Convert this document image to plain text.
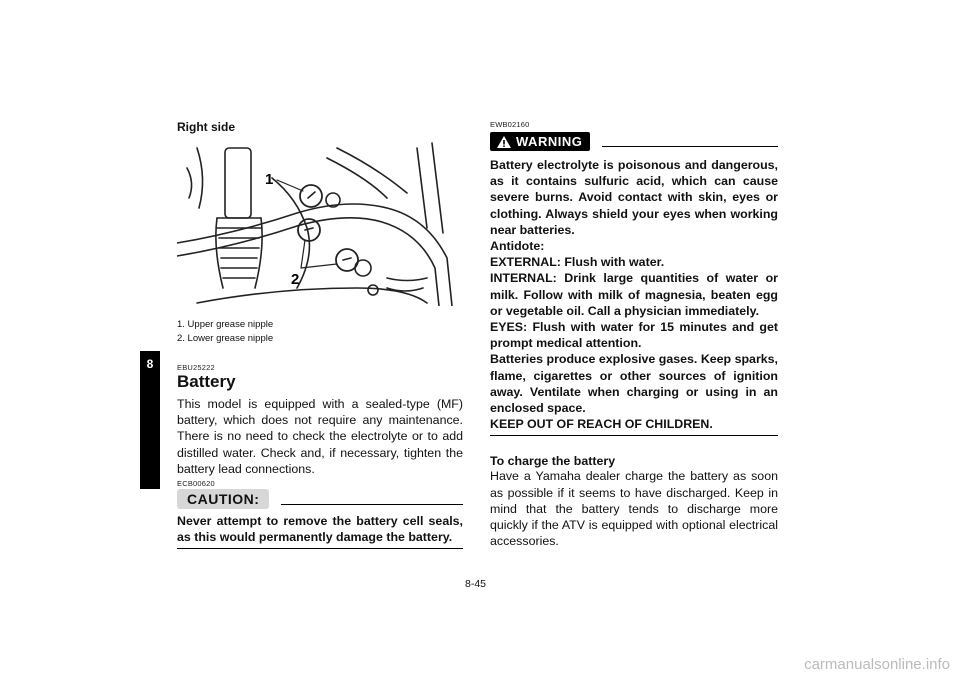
8
Right side
1
2
1. Upper grease nipple
2. Lower grease nipple
EBU25222
Battery

This model is equipped with a sealed-type (MF) battery, which does not require any maintenance. There is no need to check the electrolyte or to add distilled water. Check and, if necessary, tighten the battery lead connections.

ECB00620
CAUTION:
Never attempt to remove the battery cell seals, as this would permanently damage the battery.
EWB02160
WARNING
Battery electrolyte is poisonous and dangerous, as it contains sulfuric acid, which can cause severe burns. Avoid contact with skin, eyes or clothing. Always shield your eyes when working near batteries.
Antidote:
EXTERNAL: Flush with water.
INTERNAL: Drink large quantities of water or milk. Follow with milk of magnesia, beaten egg or vegetable oil. Call a physician immediately.
EYES: Flush with water for 15 minutes and get prompt medical attention.
Batteries produce explosive gases. Keep sparks, flame, cigarettes or other sources of ignition away. Ventilate when charging or using in an enclosed space.
KEEP OUT OF REACH OF CHILDREN.
To charge the battery

Have a Yamaha dealer charge the battery as soon as possible if it seems to have discharged. Keep in mind that the battery tends to discharge more quickly if the ATV is equipped with optional electrical accessories.

8-45
carmanualsonline.info
